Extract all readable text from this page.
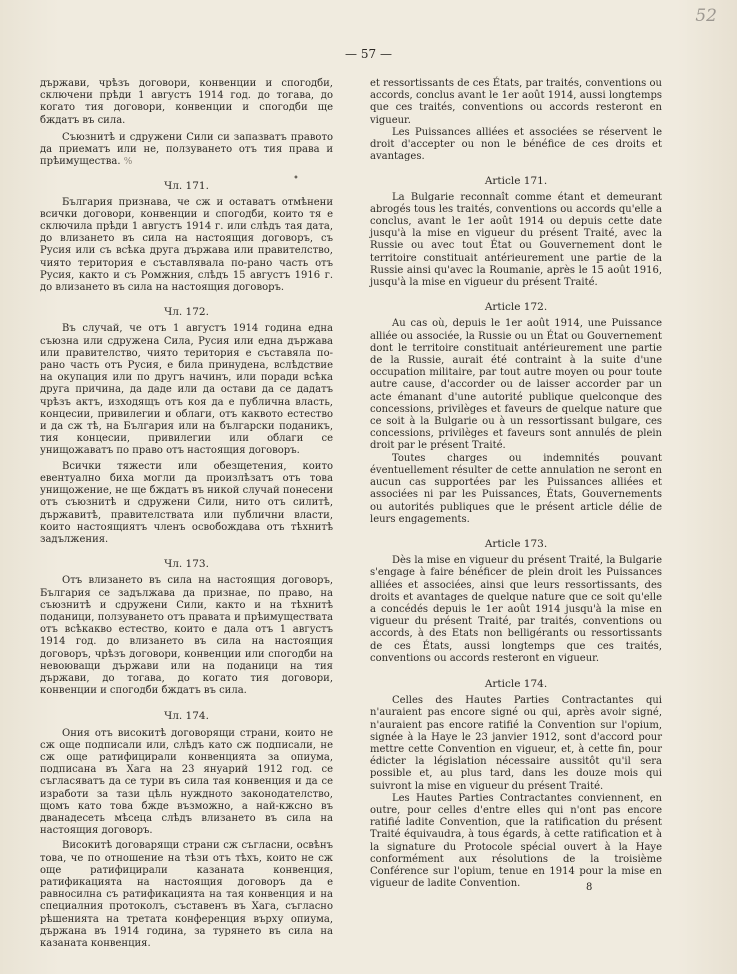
52
— 57 —
•

държави, чрѣзъ договори, конвенции и спогодби, сключени прѣди 1 августъ 1914 год. до тогава, до когато тия договори, конвенции и спогодби ще бждатъ въ сила.

Съюзнитѣ и сдружени Сили си запазватъ правото да приематъ или не, ползуването отъ тия права и прѣимущества. %

Чл. 171.

България признава, че сж и оставатъ отмѣнени всички договори, конвенции и спогодби, които тя е сключила прѣди 1 августъ 1914 г. или слѣдъ тая дата, до влизането въ сила на настоящия договоръ, съ Русия или съ всѣка друга държава или правителство, чиято територия е съставлявала по-рано часть отъ Русия, както и съ Ромжния, слѣдъ 15 августъ 1916 г. до влизането въ сила на настоящия договоръ.

Чл. 172.

Въ случай, че отъ 1 августъ 1914 година една съюзна или сдружена Сила, Русия или една държава или правителство, чиято територия е съставяла по-рано часть отъ Русия, е била принудена, вслѣдствие на окупация или по другъ начинъ, или поради всѣка друга причина, да даде или да остави да се дадатъ чрѣзъ актъ, изходящъ отъ коя да е публична власть, концесии, привилегии и облаги, отъ каквото естество и да сж тѣ, на България или на български поданикъ, тия концесии, привилегии или облаги се унищожаватъ по право отъ настоящия договоръ.

Всички тяжести или обезщетения, които евентуално биха могли да произлѣзатъ отъ това унищожение, не ще бждатъ въ никой случай понесени отъ съюзнитѣ и сдружени Сили, нито отъ силитѣ, държавитѣ, правителствата или публични власти, които настоящиятъ членъ освобождава отъ тѣхнитѣ задължения.

Чл. 173.

Отъ влизането въ сила на настоящия договоръ, България се задължава да признае, по право, на съюзнитѣ и сдружени Сили, както и на тѣхнитѣ поданици, ползуването отъ правата и прѣимуществата отъ всѣкакво естество, които е дала отъ 1 августъ 1914 год. до влизането въ сила на настоящия договоръ, чрѣзъ договори, конвенции или спогодби на невоюващи държави или на поданици на тия държави, до тогава, до когато тия договори, конвенции и спогодби бждатъ въ сила.

Чл. 174.

Ония отъ високитѣ договорящи страни, които не сж още подписали или, слѣдъ като сж подписали, не сж още ратифицирали конвенцията за опиума, подписана въ Хага на 23 януарий 1912 год. се съгласяватъ да се тури въ сила тая конвенция и да се изработи за тази цѣль нуждното законодателство, щомъ като това бжде възможно, а най-кжсно въ дванадесеть мѣсеца слѣдъ влизането въ сила на настоящия договоръ.

Високитѣ договарящи страни сж съгласни, освѣнъ това, че по отношение на тѣзи отъ тѣхъ, които не сж още ратифицирали казаната конвенция, ратификацията на настоящия договоръ да е равносилна съ ратификацията на тая конвенция и на специалния протоколъ, съставенъ въ Хага, съгласно рѣшенията на третата конференция върху опиума, държана въ 1914 година, за турянето въ сила на казаната конвенция.

et ressortissants de ces États, par traités, conventions ou accords, conclus avant le 1er août 1914, aussi longtemps que ces traités, conventions ou accords resteront en vigueur.

Les Puissances alliées et associées se réservent le droit d'accepter ou non le bénéfice de ces droits et avantages.

Article 171.

La Bulgarie reconnaît comme étant et demeurant abrogés tous les traités, conventions ou accords qu'elle a conclus, avant le 1er août 1914 ou depuis cette date jusqu'à la mise en vigueur du présent Traité, avec la Russie ou avec tout État ou Gouvernement dont le territoire constituait antérieurement une partie de la Russie ainsi qu'avec la Roumanie, après le 15 août 1916, jusqu'à la mise en vigueur du présent Traité.

Article 172.

Au cas où, depuis le 1er août 1914, une Puissance alliée ou associée, la Russie ou un État ou Gouvernement dont le territoire constituait antérieurement une partie de la Russie, aurait été contraint à la suite d'une occupation militaire, par tout autre moyen ou pour toute autre cause, d'accorder ou de laisser accorder par un acte émanant d'une autorité publique quelconque des concessions, privilèges et faveurs de quelque nature que ce soit à la Bulgarie ou à un ressortissant bulgare, ces concessions, privilèges et faveurs sont annulés de plein droit par le présent Traité.

Toutes charges ou indemnités pouvant éventuellement résulter de cette annulation ne seront en aucun cas supportées par les Puissances alliées et associées ni par les Puissances, États, Gouvernements ou autorités publiques que le présent article délie de leurs engagements.

Article 173.

Dès la mise en vigueur du présent Traité, la Bulgarie s'engage à faire bénéficer de plein droit les Puissances alliées et associées, ainsi que leurs ressortissants, des droits et avantages de quelque nature que ce soit qu'elle a concédés depuis le 1er août 1914 jusqu'à la mise en vigueur du présent Traité, par traités, conventions ou accords, à des Etats non belligérants ou ressortissants de ces États, aussi longtemps que ces traités, conventions ou accords resteront en vigueur.

Article 174.

Celles des Hautes Parties Contractantes qui n'auraient pas encore signé ou qui, après avoir signé, n'auraient pas encore ratifié la Convention sur l'opium, signée à la Haye le 23 janvier 1912, sont d'accord pour mettre cette Convention en vigueur, et, à cette fin, pour édicter la législation nécessaire aussitôt qu'il sera possible et, au plus tard, dans les douze mois qui suivront la mise en vigueur du présent Traité.

Les Hautes Parties Contractantes conviennent, en outre, pour celles d'entre elles qui n'ont pas encore ratifié ladite Convention, que la ratification du présent Traité équivaudra, à tous égards, à cette ratification et à la signature du Protocole spécial ouvert à la Haye conformément aux résolutions de la troisième Conférence sur l'opium, tenue en 1914 pour la mise en vigueur de ladite Convention.	8
